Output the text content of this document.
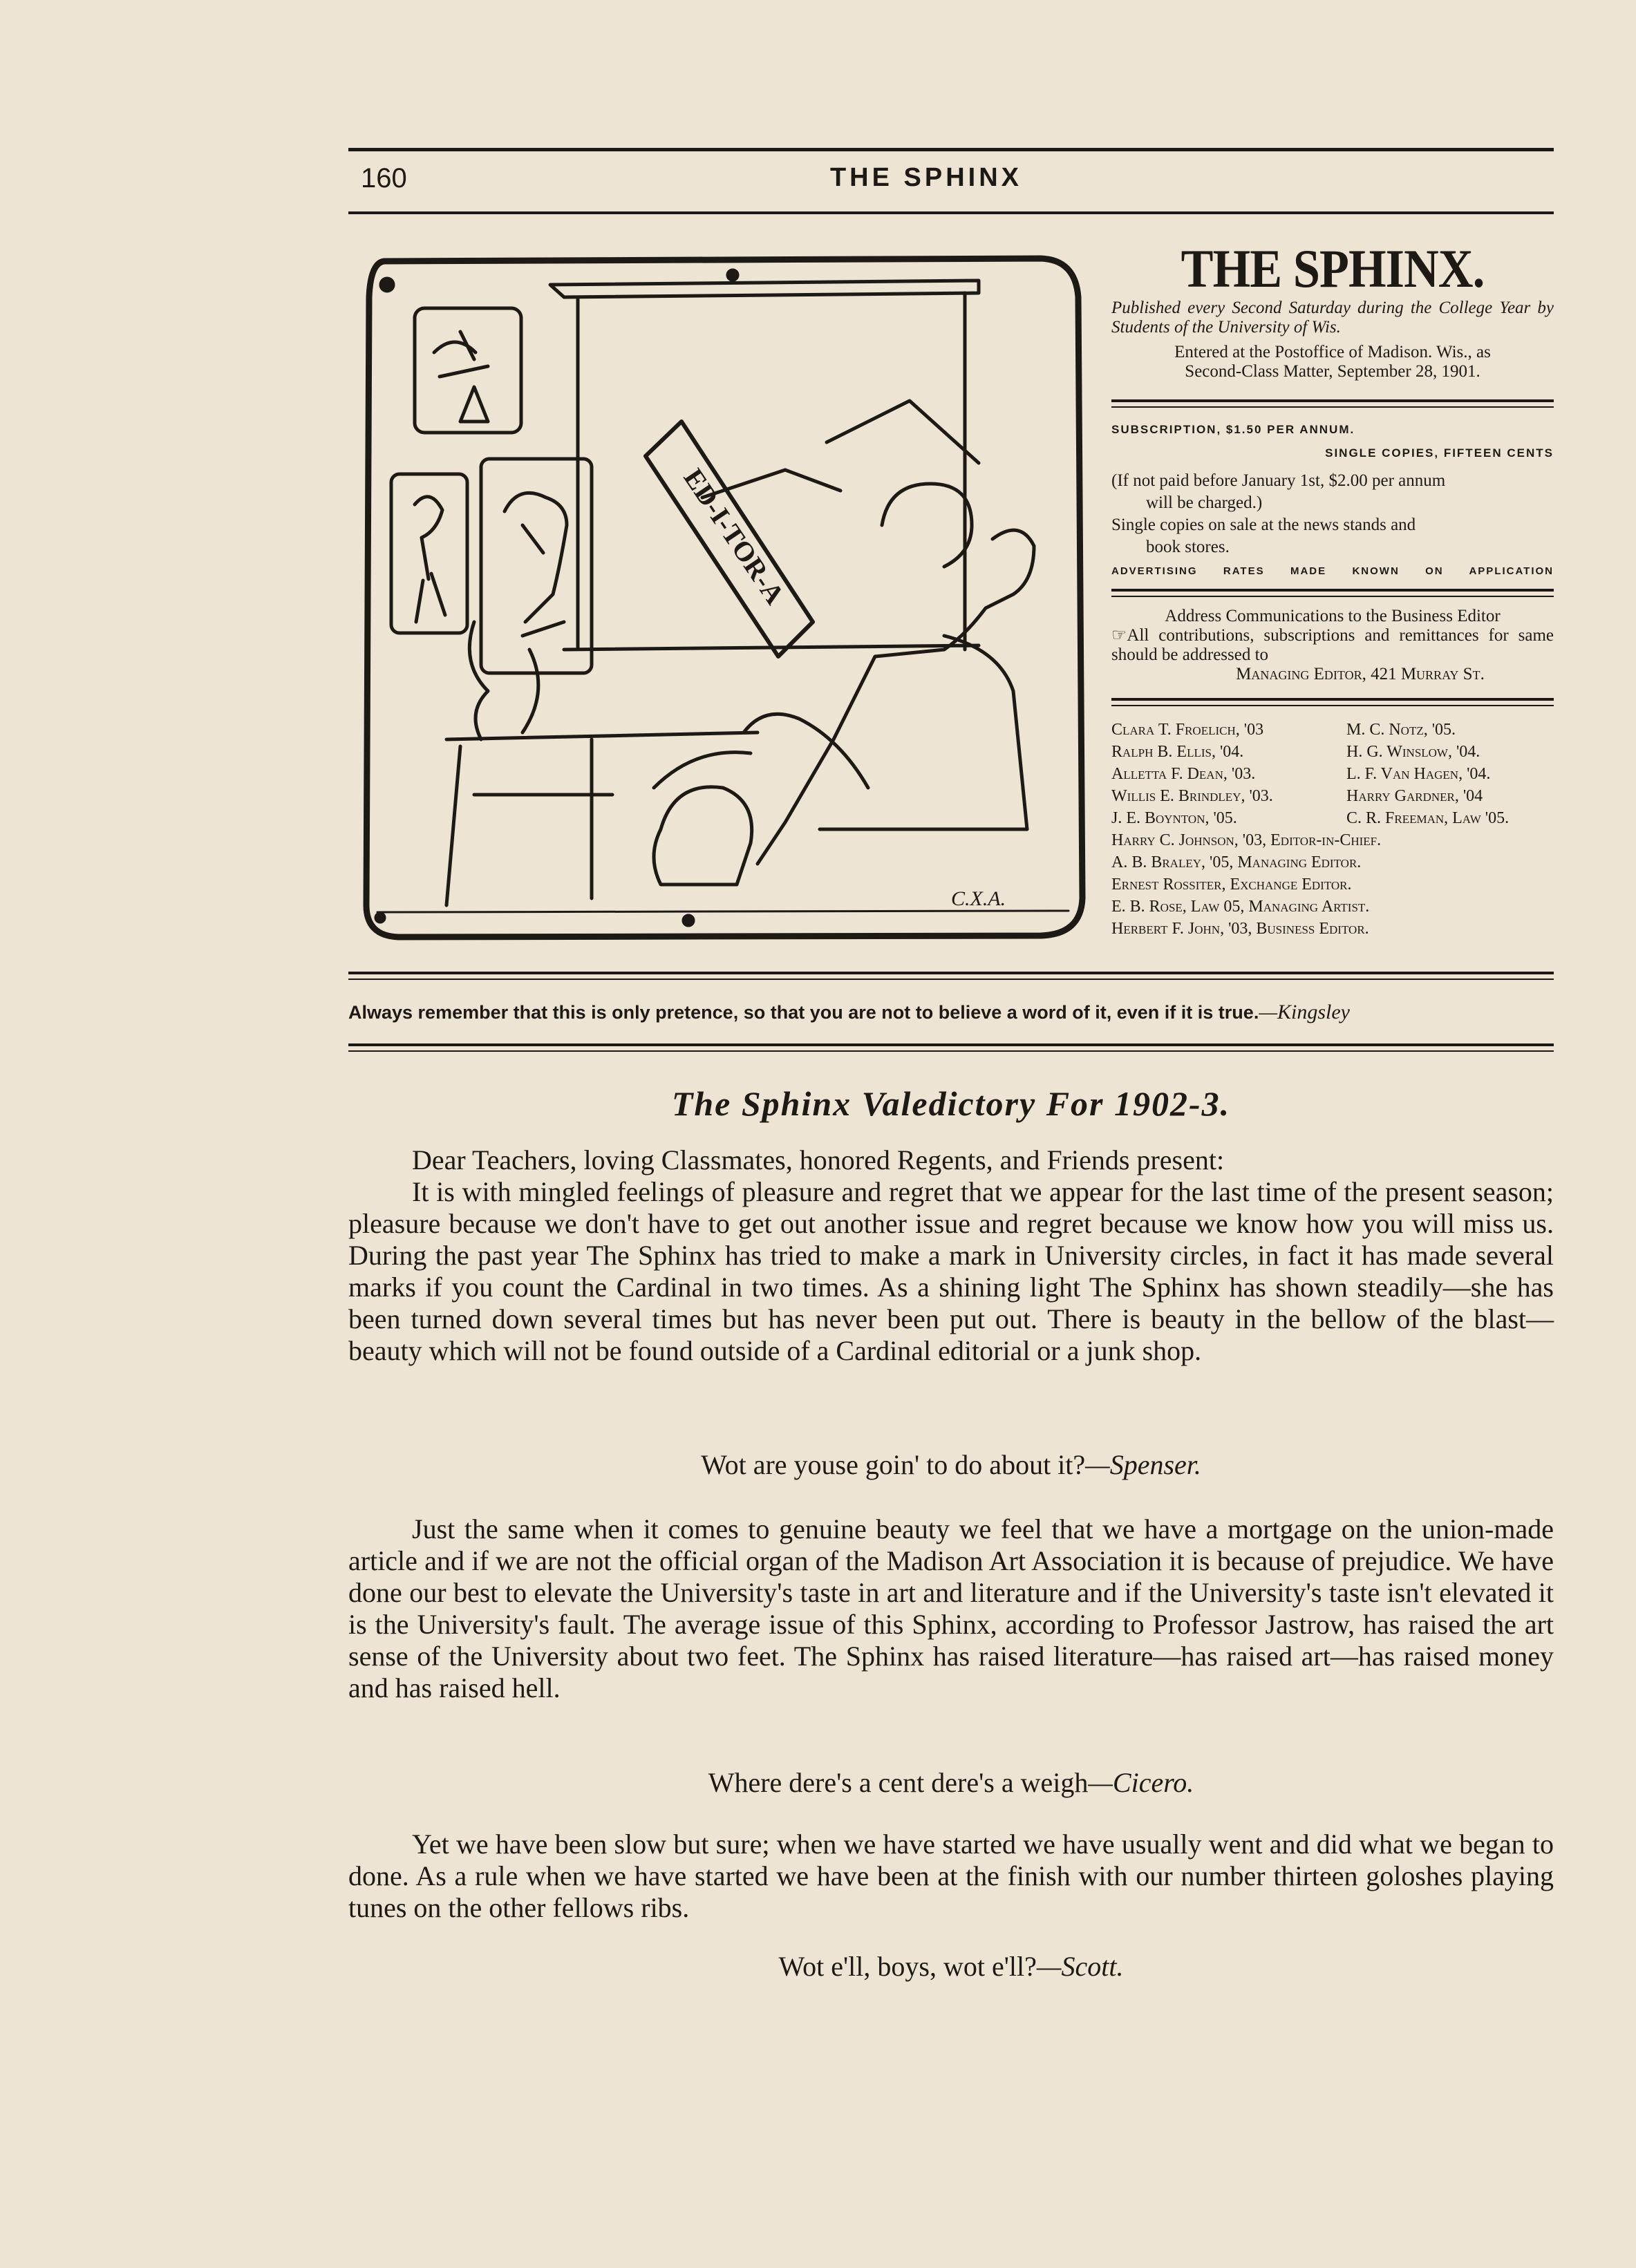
160	THE SPHINX
ED-I-TOR-A
C.X.A.
THE SPHINX.
Published every Second Saturday during the College Year by Students of the University of Wis.
Entered at the Postoffice of Madison. Wis., as
Second-Class Matter, September 28, 1901.
SUBSCRIPTION, $1.50 PER ANNUM.
SINGLE COPIES, FIFTEEN CENTS
(If not paid before January 1st, $2.00 per annum
will be charged.)
Single copies on sale at the news stands and
book stores.
ADVERTISING RATES MADE KNOWN ON APPLICATION
Address Communications to the Business Editor
☞All contributions, subscriptions and remittances for same should be addressed to
Managing Editor, 421 Murray St.
Clara T. Froelich, '03	M. C. Notz, '05.
Ralph B. Ellis, '04.	H. G. Winslow, '04.
Alletta F. Dean, '03.	L. F. Van Hagen, '04.
Willis E. Brindley, '03.	Harry Gardner, '04
J. E. Boynton, '05.	C. R. Freeman, Law '05.
Harry C. Johnson, '03, Editor-in-Chief.
A. B. Braley, '05, Managing Editor.
Ernest Rossiter, Exchange Editor.
E. B. Rose, Law 05, Managing Artist.
Herbert F. John, '03, Business Editor.
Always remember that this is only pretence, so that you are not to believe a word of it, even if it is true.—Kingsley
The Sphinx Valedictory For 1902-3.

Dear Teachers, loving Classmates, honored Regents, and Friends present:

It is with mingled feelings of pleasure and regret that we appear for the last time of the present season; pleasure because we don't have to get out another issue and regret because we know how you will miss us. During the past year The Sphinx has tried to make a mark in University circles, in fact it has made several marks if you count the Cardinal in two times. As a shining light The Sphinx has shown steadily—she has been turned down several times but has never been put out. There is beauty in the bellow of the blast—beauty which will not be found outside of a Cardinal editorial or a junk shop.

Wot are youse goin' to do about it?—Spenser.

Just the same when it comes to genuine beauty we feel that we have a mortgage on the union-made article and if we are not the official organ of the Madison Art Association it is because of prejudice. We have done our best to elevate the University's taste in art and literature and if the University's taste isn't elevated it is the University's fault. The average issue of this Sphinx, according to Professor Jastrow, has raised the art sense of the University about two feet. The Sphinx has raised literature—has raised art—has raised money and has raised hell.

Where dere's a cent dere's a weigh—Cicero.

Yet we have been slow but sure; when we have started we have usually went and did what we began to done. As a rule when we have started we have been at the finish with our number thirteen goloshes playing tunes on the other fellows ribs.

Wot e'll, boys, wot e'll?—Scott.
